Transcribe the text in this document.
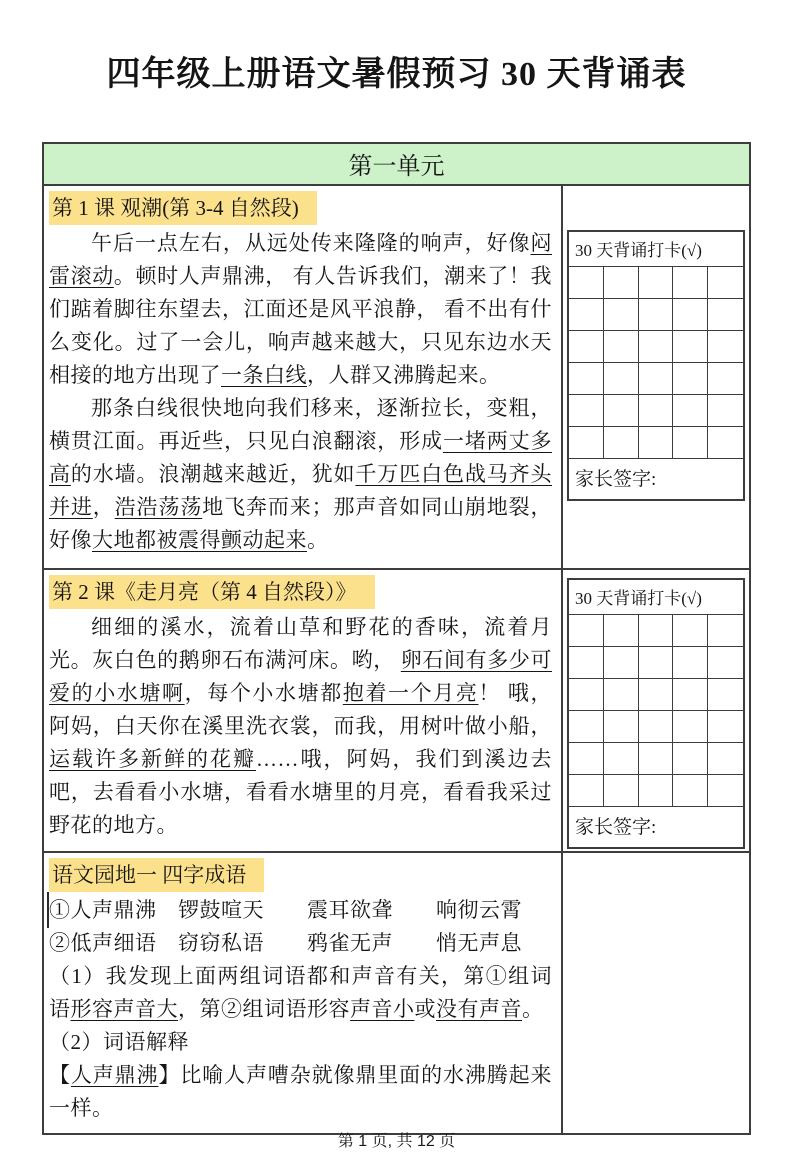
四年级上册语文暑假预习 30 天背诵表
第一单元
第 1 课 观潮(第 3-4 自然段)

午后一点左右，从远处传来隆隆的响声，好像闷雷滚动。顿时人声鼎沸， 有人告诉我们，潮来了！我们踮着脚往东望去，江面还是风平浪静， 看不出有什么变化。过了一会儿，响声越来越大，只见东边水天相接的地方出现了一条白线，人群又沸腾起来。

那条白线很快地向我们移来，逐渐拉长，变粗，横贯江面。再近些，只见白浪翻滚，形成一堵两丈多高的水墙。浪潮越来越近，犹如千万匹白色战马齐头并进，浩浩荡荡地飞奔而来；那声音如同山崩地裂，好像大地都被震得颤动起来。

30 天背诵打卡(√)
家长签字:
第 2 课《走月亮（第 4 自然段）》

细细的溪水，流着山草和野花的香味，流着月光。灰白色的鹅卵石布满河床。哟， 卵石间有多少可爱的小水塘啊，每个小水塘都抱着一个月亮！ 哦， 阿妈，白天你在溪里洗衣裳，而我，用树叶做小船，运载许多新鲜的花瓣……哦，阿妈，我们到溪边去吧，去看看小水塘，看看水塘里的月亮，看看我采过野花的地方。

30 天背诵打卡(√)
家长签字:
语文园地一 四字成语

①人声鼎沸　锣鼓喧天　　震耳欲聋　　响彻云霄

②低声细语　窃窃私语　　鸦雀无声　　悄无声息

（1）我发现上面两组词语都和声音有关，第①组词语形容声音大，第②组词语形容声音小或没有声音。

（2）词语解释

【人声鼎沸】比喻人声嘈杂就像鼎里面的水沸腾起来一样。

第 1 页, 共 12 页
